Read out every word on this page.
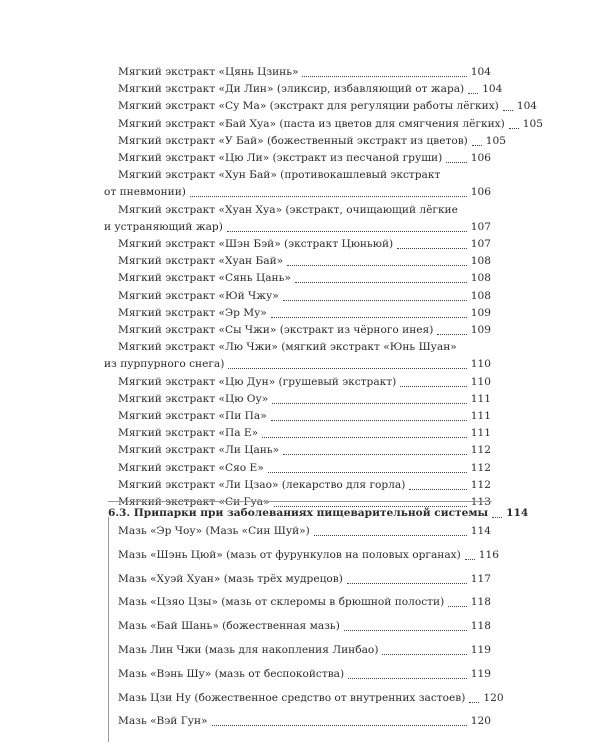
Мягкий экстракт «Цянь Цзинь»	104
Мягкий экстракт «Ди Лин» (эликсир, избавляющий от жара) 104
Мягкий экстракт «Су Ма» (экстракт для регуляции работы лёгких) 104
Мягкий экстракт «Бай Хуа» (паста из цветов для смягчения лёгких) 105
Мягкий экстракт «У Бай» (божественный экстракт из цветов) 105
Мягкий экстракт «Цю Ли» (экстракт из песчаной груши)	106
Мягкий экстракт «Хун Бай» (противокашлевый экстракт
от пневмонии)	106
Мягкий экстракт «Хуан Хуа» (экстракт, очищающий лёгкие
и устраняющий жар)	107
Мягкий экстракт «Шэн Бэй» (экстракт Цюньюй)	107
Мягкий экстракт «Хуан Бай»	108
Мягкий экстракт «Сянь Цань»	108
Мягкий экстракт «Юй Чжу»	108
Мягкий экстракт «Эр Му»	109
Мягкий экстракт «Сы Чжи» (экстракт из чёрного инея)	109
Мягкий экстракт «Лю Чжи» (мягкий экстракт «Юнь Шуан»
из пурпурного снега)	110
Мягкий экстракт «Цю Дун» (грушевый экстракт)	110
Мягкий экстракт «Цю Оу»	111
Мягкий экстракт «Пи Па»	111
Мягкий экстракт «Па Е»	111
Мягкий экстракт «Ли Цань»	112
Мягкий экстракт «Сяо Е»	112
Мягкий экстракт «Ли Цзао» (лекарство для горла)	112
Мягкий экстракт «Си Гуа»	113
6.3. Припарки при заболеваниях пищеварительной системы 114
Мазь «Эр Чоу» (Мазь «Син Шуй»)	114
Мазь «Шэнь Цюй» (мазь от фурункулов на половых органах) 116
Мазь «Хуэй Хуан» (мазь трёх мудрецов)	117
Мазь «Цзяо Цзы» (мазь от склеромы в брюшной полости)	118
Мазь «Бай Шань» (божественная мазь)	118
Мазь Лин Чжи (мазь для накопления Линбао)	119
Мазь «Вэнь Шу» (мазь от беспокойства)	119
Мазь Цзи Ну (божественное средство от внутренних застоев) 120
Мазь «Вэй Гун»	120
